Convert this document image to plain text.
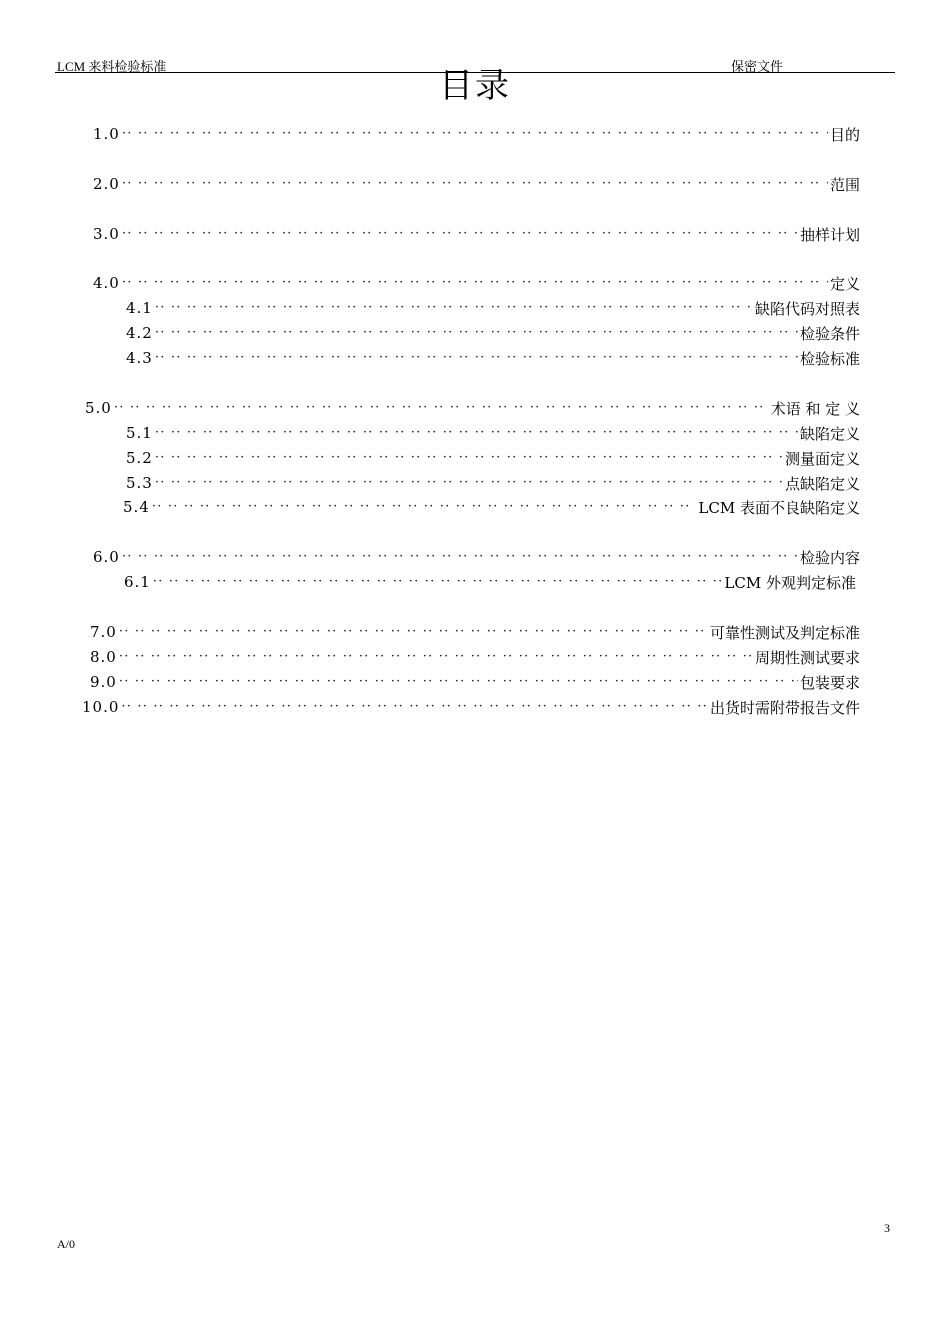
LCM 来料检验标准	保密文件
目录
1.0 ·· ··	目的
2.0 ·· ··	范围
3.0 ·· ··	抽样计划
4.0 ·· ··	定义
4.1 ·· ··	缺陷代码对照表
4.2 ·· ··	检验条件
4.3 ·· ··	检验标准
5.0 ·· ··	术语 和 定 义
5.1 ·· ··	缺陷定义
5.2 ·· ··	测量面定义
5.3 ·· ··	点缺陷定义
5.4 ·· ··	LCM 表面不良缺陷定义
6.0 ·· ··	检验内容
6.1 ·· ··	LCM 外观判定标准
7.0 ·· ··	可靠性测试及判定标准
8.0 ·· ··	周期性测试要求
9.0 ·· ··	包装要求
10.0 ·· ··	出货时需附带报告文件
3
A/0
